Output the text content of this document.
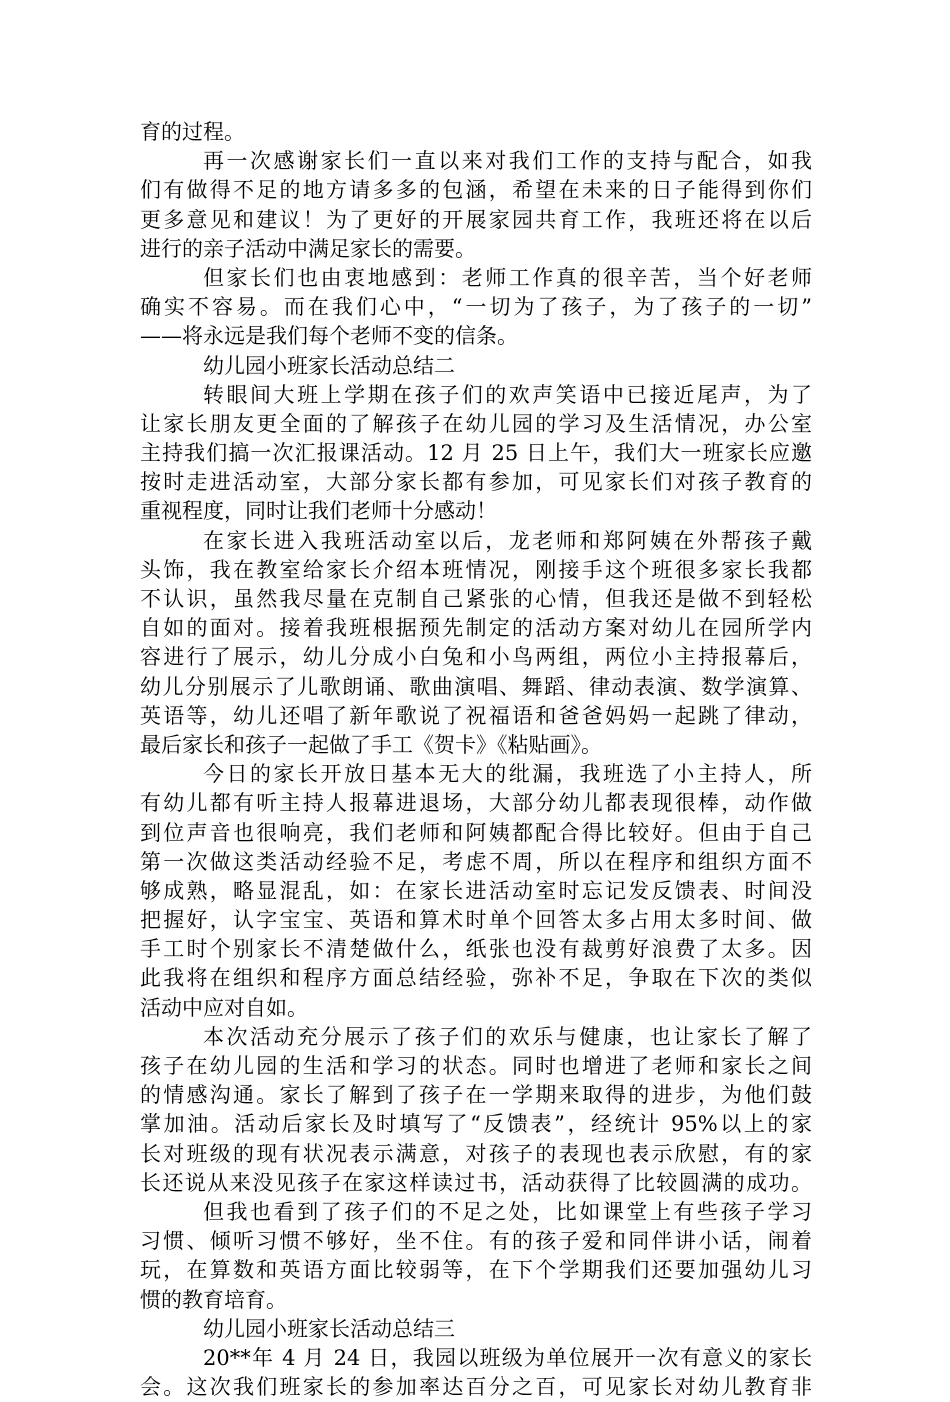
育的过程。
再一次感谢家长们一直以来对我们工作的支持与配合，如我
们有做得不足的地方请多多的包涵，希望在未来的日子能得到你们
更多意见和建议！为了更好的开展家园共育工作，我班还将在以后
进行的亲子活动中满足家长的需要。
但家长们也由衷地感到：老师工作真的很辛苦，当个好老师
确实不容易。而在我们心中，“一切为了孩子，为了孩子的一切”
——将永远是我们每个老师不变的信条。
幼儿园小班家长活动总结二
转眼间大班上学期在孩子们的欢声笑语中已接近尾声，为了
让家长朋友更全面的了解孩子在幼儿园的学习及生活情况，办公室
主持我们搞一次汇报课活动。12 月 25 日上午，我们大一班家长应邀
按时走进活动室，大部分家长都有参加，可见家长们对孩子教育的
重视程度，同时让我们老师十分感动！
在家长进入我班活动室以后，龙老师和郑阿姨在外帮孩子戴
头饰，我在教室给家长介绍本班情况，刚接手这个班很多家长我都
不认识，虽然我尽量在克制自己紧张的心情，但我还是做不到轻松
自如的面对。接着我班根据预先制定的活动方案对幼儿在园所学内
容进行了展示，幼儿分成小白兔和小鸟两组，两位小主持报幕后，
幼儿分别展示了儿歌朗诵、歌曲演唱、舞蹈、律动表演、数学演算、
英语等，幼儿还唱了新年歌说了祝福语和爸爸妈妈一起跳了律动，
最后家长和孩子一起做了手工《贺卡》《粘贴画》。
今日的家长开放日基本无大的纰漏，我班选了小主持人，所
有幼儿都有听主持人报幕进退场，大部分幼儿都表现很棒，动作做
到位声音也很响亮，我们老师和阿姨都配合得比较好。但由于自己
第一次做这类活动经验不足，考虑不周，所以在程序和组织方面不
够成熟，略显混乱，如：在家长进活动室时忘记发反馈表、时间没
把握好，认字宝宝、英语和算术时单个回答太多占用太多时间、做
手工时个别家长不清楚做什么，纸张也没有裁剪好浪费了太多。因
此我将在组织和程序方面总结经验，弥补不足，争取在下次的类似
活动中应对自如。
本次活动充分展示了孩子们的欢乐与健康，也让家长了解了
孩子在幼儿园的生活和学习的状态。同时也增进了老师和家长之间
的情感沟通。家长了解到了孩子在一学期来取得的进步，为他们鼓
掌加油。活动后家长及时填写了“反馈表”，经统计 95%以上的家
长对班级的现有状况表示满意，对孩子的表现也表示欣慰，有的家
长还说从来没见孩子在家这样读过书，活动获得了比较圆满的成功。
但我也看到了孩子们的不足之处，比如课堂上有些孩子学习
习惯、倾听习惯不够好，坐不住。有的孩子爱和同伴讲小话，闹着
玩，在算数和英语方面比较弱等，在下个学期我们还要加强幼儿习
惯的教育培育。
幼儿园小班家长活动总结三
20**年 4 月 24 日，我园以班级为单位展开一次有意义的家长
会。这次我们班家长的参加率达百分之百，可见家长对幼儿教育非
